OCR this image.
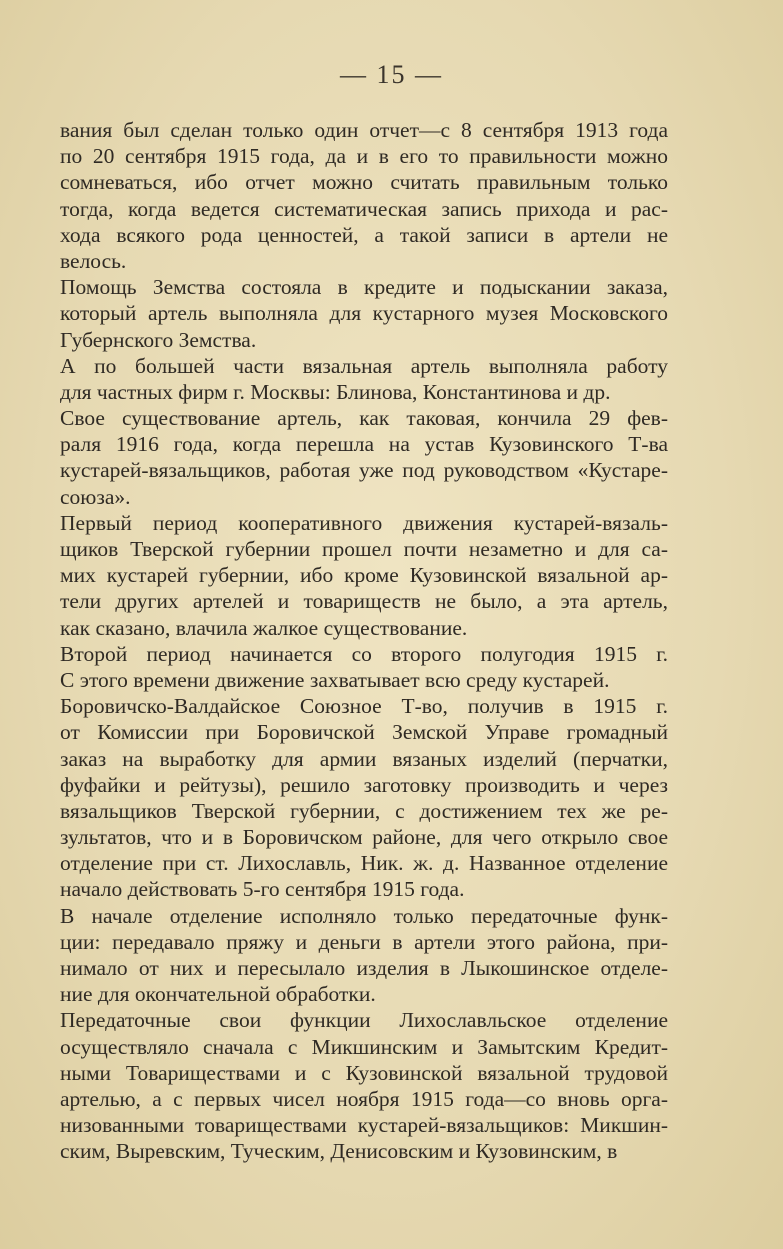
— 15 —
вания был сделан только один отчет—с 8 сентября 1913 года
по 20 сентября 1915 года, да и в его то правильности можно
сомневаться, ибо отчет можно считать правильным только
тогда, когда ведется систематическая запись прихода и рас-
хода всякого рода ценностей, а такой записи в артели не
велось.
Помощь Земства состояла в кредите и подыскании заказа,
который артель выполняла для кустарного музея Московского
Губернского Земства.
А по большей части вязальная артель выполняла работу
для частных фирм г. Москвы: Блинова, Константинова и др.
Свое существование артель, как таковая, кончила 29 фев-
раля 1916 года, когда перешла на устав Кузовинского Т-ва
кустарей-вязальщиков, работая уже под руководством «Кустаре-
союза».
Первый период кооперативного движения кустарей-вязаль-
щиков Тверской губернии прошел почти незаметно и для са-
мих кустарей губернии, ибо кроме Кузовинской вязальной ар-
тели других артелей и товариществ не было, а эта артель,
как сказано, влачила жалкое существование.
Второй период начинается со второго полугодия 1915 г.
С этого времени движение захватывает всю среду кустарей.
Боровичско-Валдайское Союзное Т-во, получив в 1915 г.
от Комиссии при Боровичской Земской Управе громадный
заказ на выработку для армии вязаных изделий (перчатки,
фуфайки и рейтузы), решило заготовку производить и через
вязальщиков Тверской губернии, с достижением тех же ре-
зультатов, что и в Боровичском районе, для чего открыло свое
отделение при ст. Лихославль, Ник. ж. д. Названное отделение
начало действовать 5-го сентября 1915 года.
В начале отделение исполняло только передаточные функ-
ции: передавало пряжу и деньги в артели этого района, при-
нимало от них и пересылало изделия в Лыкошинское отделе-
ние для окончательной обработки.
Передаточные свои функции Лихославльское отделение
осуществляло сначала с Микшинским и Замытским Кредит-
ными Товариществами и с Кузовинской вязальной трудовой
артелью, а с первых чисел ноября 1915 года—со вновь орга-
низованными товариществами кустарей-вязальщиков: Микшин-
ским, Выревским, Туческим, Денисовским и Кузовинским, в
